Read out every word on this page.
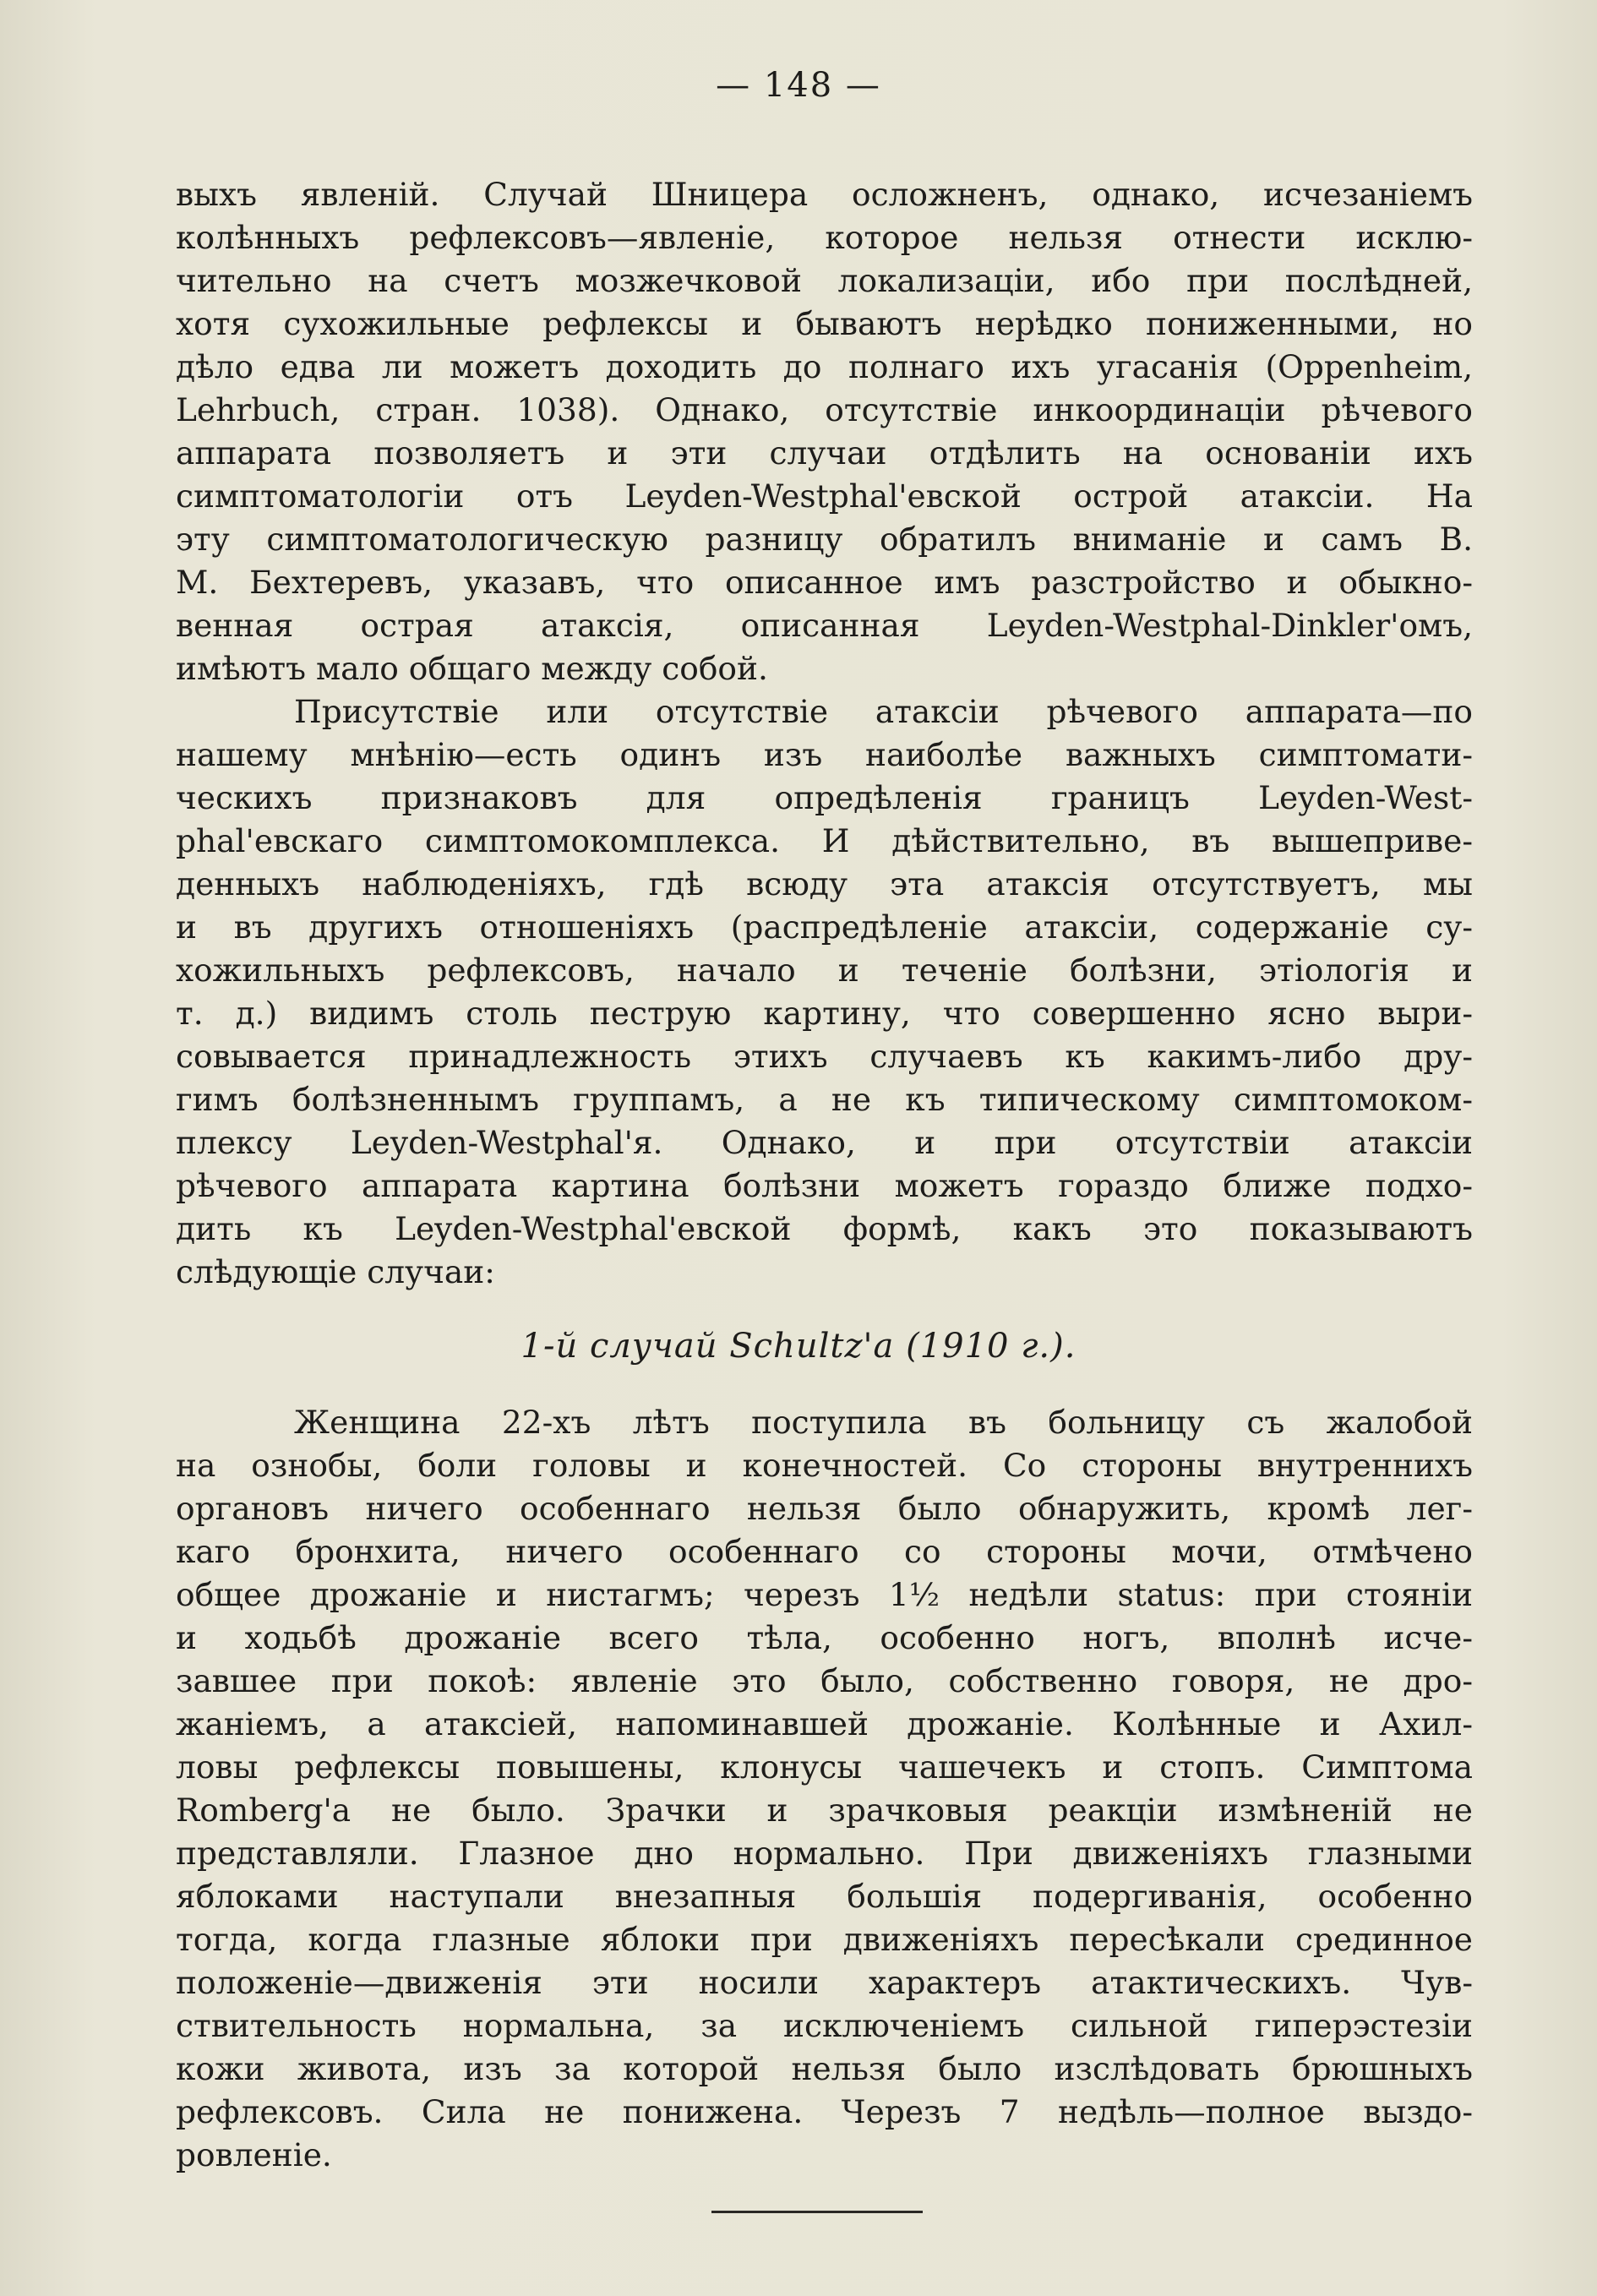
— 148 —
выхъ явленiй. Случай Шницера осложненъ, однако, исчезанiемъ
колѣнныхъ рефлексовъ—явленiе, которое нельзя отнести исклю-
чительно на счетъ мозжечковой локализацiи, ибо при послѣдней,
хотя сухожильные рефлексы и бываютъ нерѣдко пониженными, но
дѣло едва ли можетъ доходить до полнаго ихъ угасанiя (Oppenheim,
Lehrbuch, стран. 1038). Однако, отсутствiе инкоординацiи рѣчевого
аппарата позволяетъ и эти случаи отдѣлить на основанiи ихъ
симптоматологiи отъ Leyden-Westphal'евской острой атаксiи. На
эту симптоматологическую разницу обратилъ вниманiе и самъ В.
М. Бехтеревъ, указавъ, что описанное имъ разстройство и обыкно-
венная острая атаксiя, описанная Leyden-Westphal-Dinkler'омъ,
имѣютъ мало общаго между собой.
Присутствiе или отсутствiе атаксiи рѣчевого аппарата—по
нашему мнѣнiю—есть одинъ изъ наиболѣе важныхъ симптомати-
ческихъ признаковъ для опредѣленiя границъ Leyden-West-
phal'евскаго симптомокомплекса. И дѣйствительно, въ вышеприве-
денныхъ наблюденiяхъ, гдѣ всюду эта атаксiя отсутствуетъ, мы
и въ другихъ отношенiяхъ (распредѣленiе атаксiи, содержанiе су-
хожильныхъ рефлексовъ, начало и теченiе болѣзни, этiологiя и
т. д.) видимъ столь пеструю картину, что совершенно ясно выри-
совывается принадлежность этихъ случаевъ къ какимъ-либо дру-
гимъ болѣзненнымъ группамъ, а не къ типическому симптомоком-
плексу Leyden-Westphal'я. Однако, и при отсутствiи атаксiи
рѣчевого аппарата картина болѣзни можетъ гораздо ближе подхо-
дить къ Leyden-Westphal'евской формѣ, какъ это показываютъ
слѣдующiе случаи:
1-й случай Schultz'a (1910 г.).
Женщина 22-хъ лѣтъ поступила въ больницу съ жалобой
на ознобы, боли головы и конечностей. Со стороны внутреннихъ
органовъ ничего особеннаго нельзя было обнаружить, кромѣ лег-
каго бронхита, ничего особеннаго со стороны мочи, отмѣчено
общее дрожанiе и нистагмъ; черезъ 1½ недѣли status: при стоянiи
и ходьбѣ дрожанiе всего тѣла, особенно ногъ, вполнѣ исче-
завшее при покоѣ: явленiе это было, собственно говоря, не дро-
жанiемъ, а атаксiей, напоминавшей дрожанiе. Колѣнные и Ахил-
ловы рефлексы повышены, клонусы чашечекъ и стопъ. Симптома
Romberg'a не было. Зрачки и зрачковыя реакцiи измѣненiй не
представляли. Глазное дно нормально. При движенiяхъ глазными
яблоками наступали внезапныя большiя подергиванiя, особенно
тогда, когда глазные яблоки при движенiяхъ пересѣкали срединное
положенiе—движенiя эти носили характеръ атактическихъ. Чув-
ствительность нормальна, за исключенiемъ сильной гиперэстезiи
кожи живота, изъ за которой нельзя было изслѣдовать брюшныхъ
рефлексовъ. Сила не понижена. Черезъ 7 недѣль—полное выздо-
ровленiе.
